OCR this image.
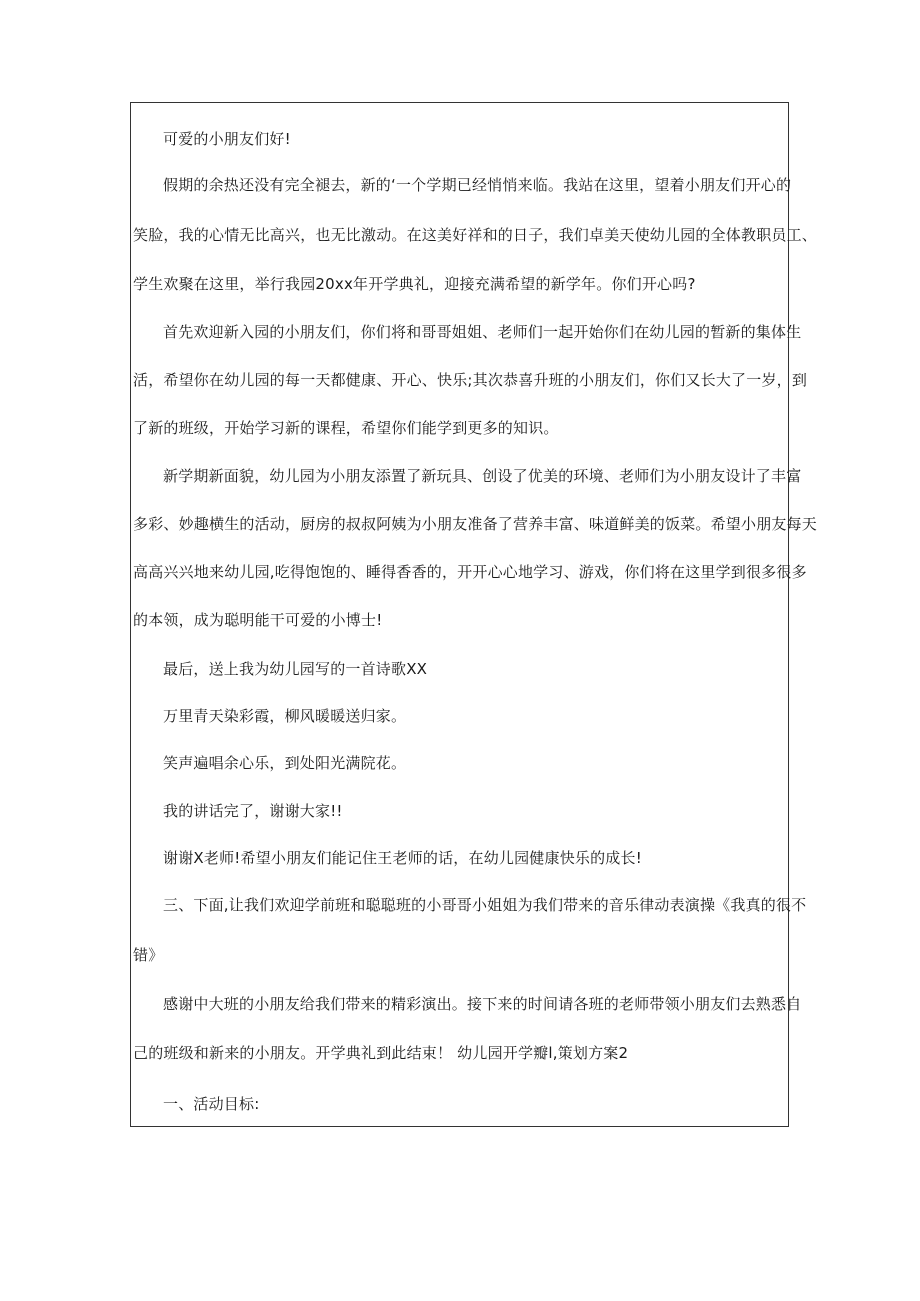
可爱的小朋友们好!
假期的余热还没有完全褪去，新的‘一个学期已经悄悄来临。我站在这里，望着小朋友们开心的
笑脸，我的心情无比高兴，也无比激动。在这美好祥和的日子，我们卓美天使幼儿园的全体教职员工、
学生欢聚在这里，举行我园20xx年开学典礼，迎接充满希望的新学年。你们开心吗?
首先欢迎新入园的小朋友们，你们将和哥哥姐姐、老师们一起开始你们在幼儿园的暂新的集体生
活，希望你在幼儿园的每一天都健康、开心、快乐;其次恭喜升班的小朋友们，你们又长大了一岁，到
了新的班级，开始学习新的课程，希望你们能学到更多的知识。
新学期新面貌，幼儿园为小朋友添置了新玩具、创设了优美的环境、老师们为小朋友设计了丰富
多彩、妙趣横生的活动，厨房的叔叔阿姨为小朋友准备了营养丰富、味道鲜美的饭菜。希望小朋友每天
高高兴兴地来幼儿园,吃得饱饱的、睡得香香的，开开心心地学习、游戏，你们将在这里学到很多很多
的本领，成为聪明能干可爱的小博士!
最后，送上我为幼儿园写的一首诗歌XX
万里青天染彩霞，柳风暖暖送归家。
笑声遍唱余心乐，到处阳光满院花。
我的讲话完了，谢谢大家!!
谢谢X老师!希望小朋友们能记住王老师的话，在幼儿园健康快乐的成长!
三、下面,让我们欢迎学前班和聪聪班的小哥哥小姐姐为我们带来的音乐律动表演操《我真的很不
错》
感谢中大班的小朋友给我们带来的精彩演出。接下来的时间请各班的老师带领小朋友们去熟悉自
己的班级和新来的小朋友。开学典礼到此结束！ 幼儿园开学瓣l,策划方案2
一、活动目标:
